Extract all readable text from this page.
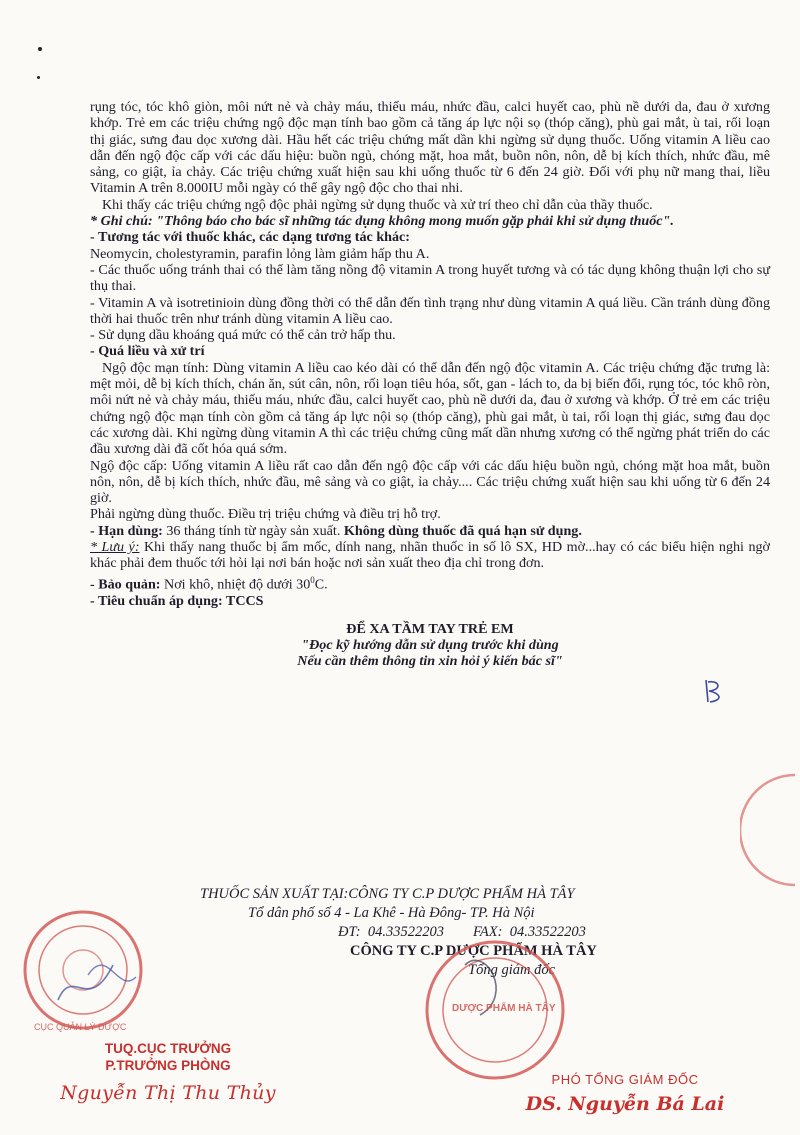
rụng tóc, tóc khô giòn, môi nứt nẻ và chảy máu, thiếu máu, nhức đầu, calci huyết cao, phù nề dưới da, đau ở xương khớp. Trẻ em các triệu chứng ngộ độc mạn tính bao gồm cả tăng áp lực nội sọ (thóp căng), phù gai mắt, ù tai, rối loạn thị giác, sưng đau dọc xương dài. Hầu hết các triệu chứng mất dần khi ngừng sử dụng thuốc. Uống vitamin A liều cao dẫn đến ngộ độc cấp với các dấu hiệu: buồn ngủ, chóng mặt, hoa mắt, buồn nôn, nôn, dễ bị kích thích, nhức đầu, mê sảng, co giật, ỉa chảy. Các triệu chứng xuất hiện sau khi uống thuốc từ 6 đến 24 giờ. Đối với phụ nữ mang thai, liều Vitamin A trên 8.000IU mỗi ngày có thể gây ngộ độc cho thai nhi.

Khi thấy các triệu chứng ngộ độc phải ngừng sử dụng thuốc và xử trí theo chỉ dẫn của thầy thuốc.

* Ghi chú: "Thông báo cho bác sĩ những tác dụng không mong muốn gặp phải khi sử dụng thuốc".

- Tương tác với thuốc khác, các dạng tương tác khác:

Neomycin, cholestyramin, parafin lỏng làm giảm hấp thu A.

- Các thuốc uống tránh thai có thể làm tăng nồng độ vitamin A trong huyết tương và có tác dụng không thuận lợi cho sự thụ thai.

- Vitamin A và isotretinioin dùng đồng thời có thể dẫn đến tình trạng như dùng vitamin A quá liều. Cần tránh dùng đồng thời hai thuốc trên như tránh dùng vitamin A liều cao.

- Sử dụng dầu khoáng quá mức có thể cản trở hấp thu.

- Quá liều và xử trí

Ngộ độc mạn tính: Dùng vitamin A liều cao kéo dài có thể dẫn đến ngộ độc vitamin A. Các triệu chứng đặc trưng là: mệt mỏi, dễ bị kích thích, chán ăn, sút cân, nôn, rối loạn tiêu hóa, sốt, gan - lách to, da bị biến đổi, rụng tóc, tóc khô ròn, môi nứt nẻ và chảy máu, thiếu máu, nhức đầu, calci huyết cao, phù nề dưới da, đau ở xương và khớp. Ở trẻ em các triệu chứng ngộ độc mạn tính còn gồm cả tăng áp lực nội sọ (thóp căng), phù gai mắt, ù tai, rối loạn thị giác, sưng đau dọc các xương dài. Khi ngừng dùng vitamin A thì các triệu chứng cũng mất dần nhưng xương có thể ngừng phát triển do các đầu xương dài đã cốt hóa quá sớm.

Ngộ độc cấp: Uống vitamin A liều rất cao dẫn đến ngộ độc cấp với các dấu hiệu buồn ngủ, chóng mặt hoa mắt, buồn nôn, nôn, dễ bị kích thích, nhức đầu, mê sảng và co giật, ỉa chảy.... Các triệu chứng xuất hiện sau khi uống từ 6 đến 24 giờ.

Phải ngừng dùng thuốc. Điều trị triệu chứng và điều trị hỗ trợ.

- Hạn dùng: 36 tháng tính từ ngày sản xuất. Không dùng thuốc đã quá hạn sử dụng.

* Lưu ý: Khi thấy nang thuốc bị ẩm mốc, dính nang, nhãn thuốc in số lô SX, HD mờ...hay có các biểu hiện nghi ngờ khác phải đem thuốc tới hỏi lại nơi bán hoặc nơi sản xuất theo địa chỉ trong đơn.

- Bảo quản: Nơi khô, nhiệt độ dưới $30^0C$.

- Tiêu chuẩn áp dụng: TCCS

ĐỂ XA TẦM TAY TRẺ EM

"Đọc kỹ hướng dẫn sử dụng trước khi dùng

Nếu cần thêm thông tin xin hỏi ý kiến bác sĩ"

THUỐC SẢN XUẤT TẠI:CÔNG TY C.P DƯỢC PHẨM HÀ TÂY
Tổ dân phố số 4 - La Khê - Hà Đông- TP. Hà Nội
ĐT:  04.33522203        FAX:  04.33522203
CÔNG TY C.P DƯỢC PHẨM HÀ TÂY
Tổng giám đốc
CỤC QUẢN LÝ DƯỢC
DƯỢC PHẨM HÀ TÂY
TUQ.CỤC TRƯỞNG
P.TRƯỞNG PHÒNG
Nguyễn Thị Thu Thủy
PHÓ TỔNG GIÁM ĐỐC
DS. Nguyễn Bá Lai
